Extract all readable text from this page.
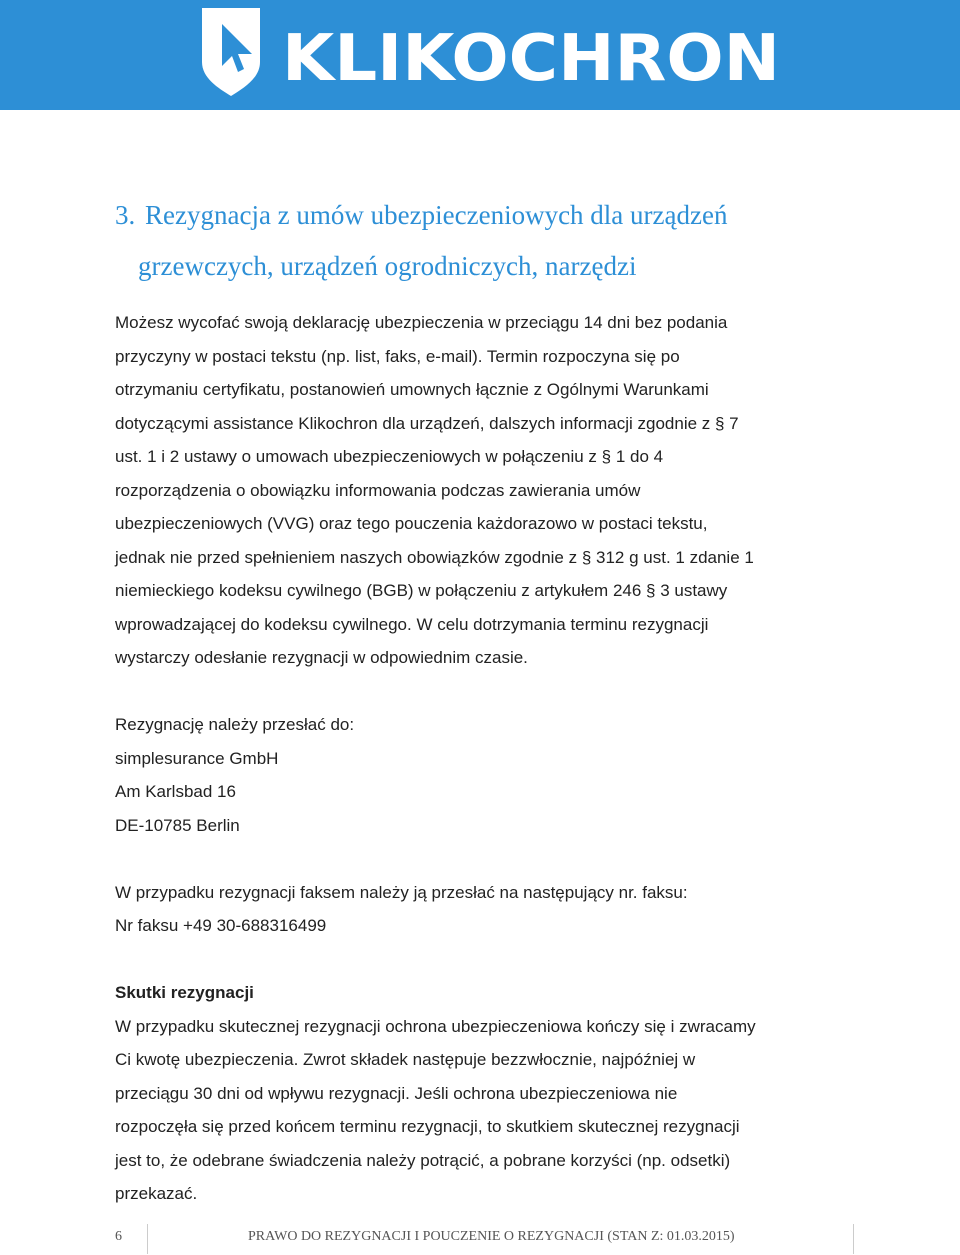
KLIKOCHRON
3. Rezygnacja z umów ubezpieczeniowych dla urządzeń
grzewczych, urządzeń ogrodniczych, narzędzi

Możesz wycofać swoją deklarację ubezpieczenia w przeciągu 14 dni bez podania
przyczyny w postaci tekstu (np. list, faks, e-mail). Termin rozpoczyna się po
otrzymaniu certyfikatu, postanowień umownych łącznie z Ogólnymi Warunkami
dotyczącymi assistance Klikochron dla urządzeń, dalszych informacji zgodnie z § 7
ust. 1 i 2 ustawy o umowach ubezpieczeniowych w połączeniu z § 1 do 4
rozporządzenia o obowiązku informowania podczas zawierania umów
ubezpieczeniowych (VVG) oraz tego pouczenia każdorazowo w postaci tekstu,
jednak nie przed spełnieniem naszych obowiązków zgodnie z § 312 g ust. 1 zdanie 1
niemieckiego kodeksu cywilnego (BGB) w połączeniu z artykułem 246 § 3 ustawy
wprowadzającej do kodeksu cywilnego. W celu dotrzymania terminu rezygnacji
wystarczy odesłanie rezygnacji w odpowiednim czasie.

Rezygnację należy przesłać do:
simplesurance GmbH
Am Karlsbad 16
DE-10785 Berlin

W przypadku rezygnacji faksem należy ją przesłać na następujący nr. faksu:
Nr faksu +49 30-688316499

Skutki rezygnacji
W przypadku skutecznej rezygnacji ochrona ubezpieczeniowa kończy się i zwracamy
Ci kwotę ubezpieczenia. Zwrot składek następuje bezzwłocznie, najpóźniej w
przeciągu 30 dni od wpływu rezygnacji. Jeśli ochrona ubezpieczeniowa nie
rozpoczęła się przed końcem terminu rezygnacji, to skutkiem skutecznej rezygnacji
jest to, że odebrane świadczenia należy potrącić, a pobrane korzyści (np. odsetki)
przekazać.

6	PRAWO DO REZYGNACJI I POUCZENIE O REZYGNACJI (STAN Z: 01.03.2015)
